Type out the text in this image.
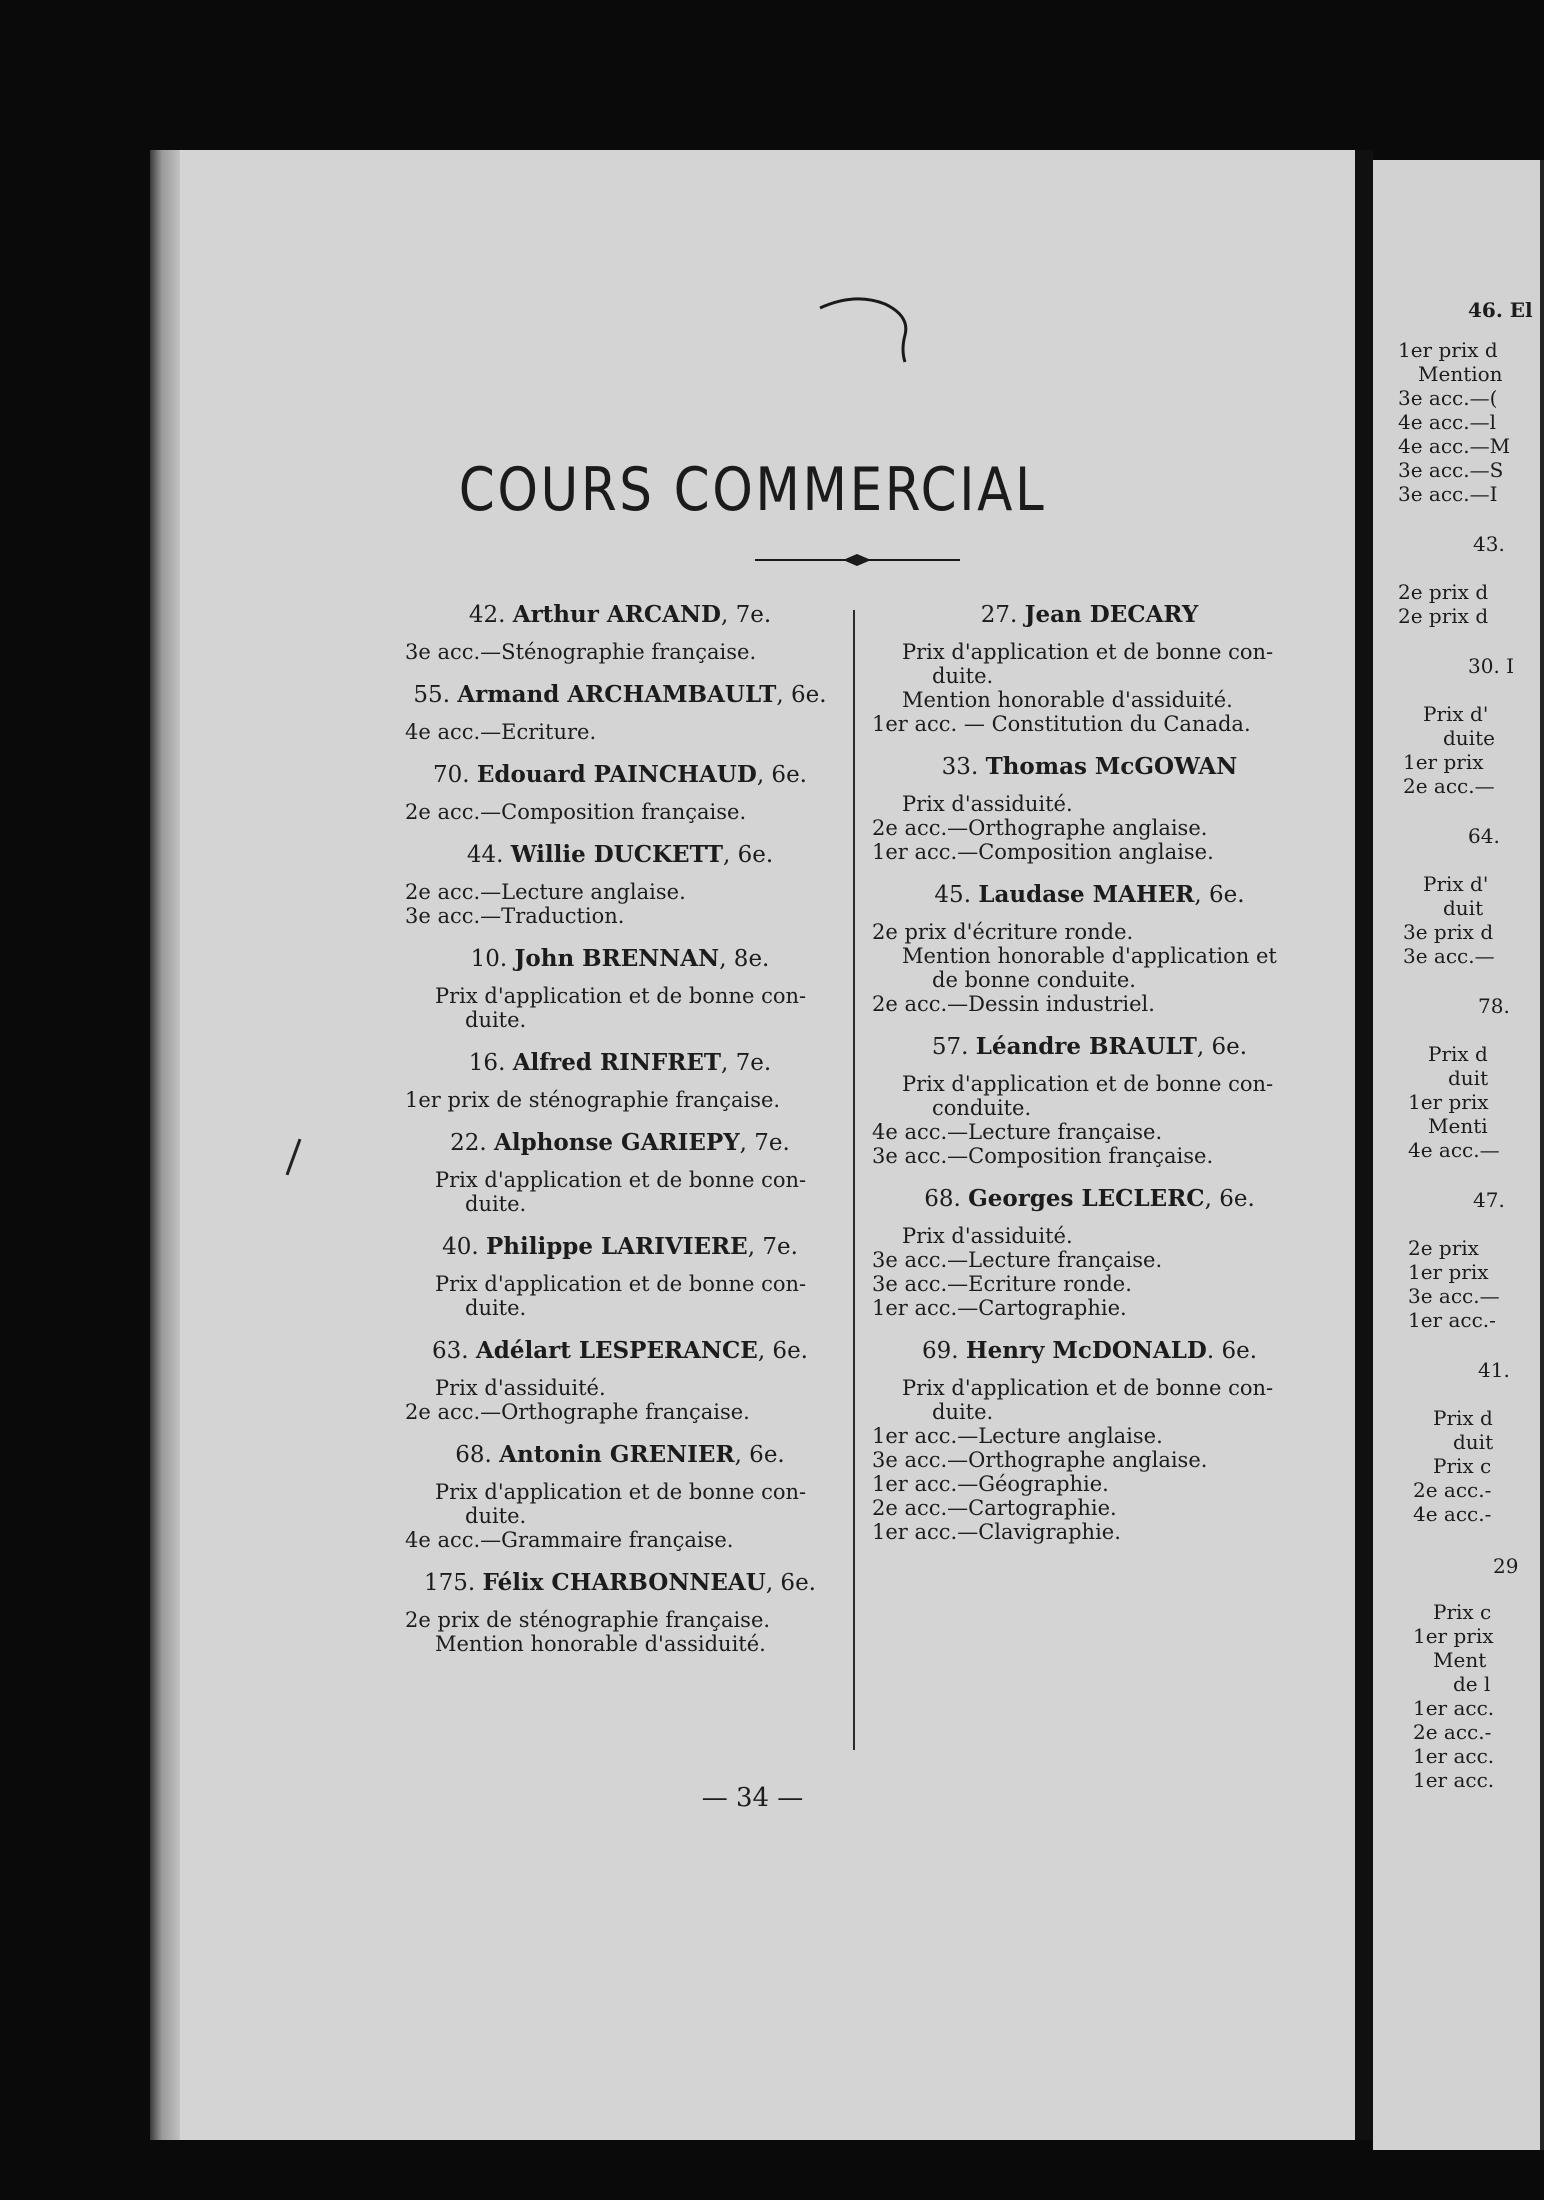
46. El
1er prix d
Mention
3e acc.—(
4e acc.—l
4e acc.—M
3e acc.—S
3e acc.—I
43.
2e prix d
2e prix d
30. I
Prix d'
duite
1er prix
2e acc.—
64.
Prix d'
duit
3e prix d
3e acc.—
78.
Prix d
duit
1er prix
Menti
4e acc.—
47.
2e prix
1er prix
3e acc.—
1er acc.-
41.
Prix d
duit
Prix c
2e acc.-
4e acc.-
29
Prix c
1er prix
Ment
de l
1er acc.
2e acc.-
1er acc.
1er acc.
COURS COMMERCIAL
42. Arthur ARCAND, 7e.
3e acc.—Sténographie française.
55. Armand ARCHAMBAULT, 6e.
4e acc.—Ecriture.
70. Edouard PAINCHAUD, 6e.
2e acc.—Composition française.
44. Willie DUCKETT, 6e.
2e acc.—Lecture anglaise.
3e acc.—Traduction.
10. John BRENNAN, 8e.
Prix d'application et de bonne con-
duite.
16. Alfred RINFRET, 7e.
1er prix de sténographie française.
22. Alphonse GARIEPY, 7e.
Prix d'application et de bonne con-
duite.
40. Philippe LARIVIERE, 7e.
Prix d'application et de bonne con-
duite.
63. Adélart LESPERANCE, 6e.
Prix d'assiduité.
2e acc.—Orthographe française.
68. Antonin GRENIER, 6e.
Prix d'application et de bonne con-
duite.
4e acc.—Grammaire française.
175. Félix CHARBONNEAU, 6e.
2e prix de sténographie française.
Mention honorable d'assiduité.
27. Jean DECARY
Prix d'application et de bonne con-
duite.
Mention honorable d'assiduité.
1er acc. — Constitution du Canada.
33. Thomas McGOWAN
Prix d'assiduité.
2e acc.—Orthographe anglaise.
1er acc.—Composition anglaise.
45. Laudase MAHER, 6e.
2e prix d'écriture ronde.
Mention honorable d'application et
de bonne conduite.
2e acc.—Dessin industriel.
57. Léandre BRAULT, 6e.
Prix d'application et de bonne con-
conduite.
4e acc.—Lecture française.
3e acc.—Composition française.
68. Georges LECLERC, 6e.
Prix d'assiduité.
3e acc.—Lecture française.
3e acc.—Ecriture ronde.
1er acc.—Cartographie.
69. Henry McDONALD. 6e.
Prix d'application et de bonne con-
duite.
1er acc.—Lecture anglaise.
3e acc.—Orthographe anglaise.
1er acc.—Géographie.
2e acc.—Cartographie.
1er acc.—Clavigraphie.
— 34 —
